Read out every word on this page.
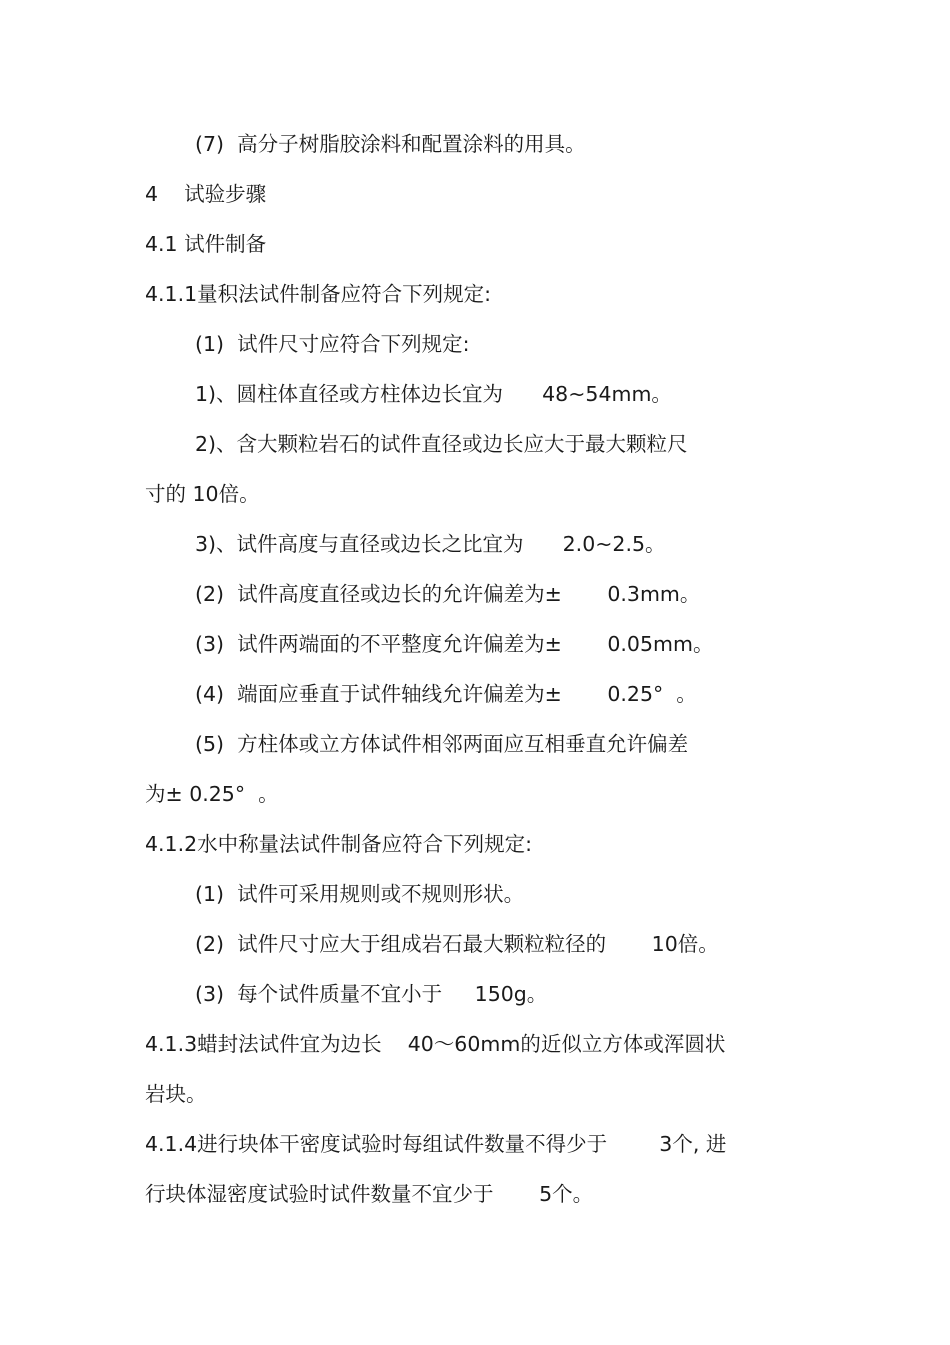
(7)  高分子树脂胶涂料和配置涂料的用具。
4    试验步骤
4.1 试件制备
4.1.1量积法试件制备应符合下列规定:
(1)  试件尺寸应符合下列规定:
1)、圆柱体直径或方柱体边长宜为      48~54mm。
2)、含大颗粒岩石的试件直径或边长应大于最大颗粒尺
寸的 10倍。
3)、试件高度与直径或边长之比宜为      2.0~2.5。
(2)  试件高度直径或边长的允许偏差为±       0.3mm。
(3)  试件两端面的不平整度允许偏差为±       0.05mm。
(4)  端面应垂直于试件轴线允许偏差为±       0.25°  。
(5)  方柱体或立方体试件相邻两面应互相垂直允许偏差
为± 0.25°  。
4.1.2水中称量法试件制备应符合下列规定:
(1)  试件可采用规则或不规则形状。
(2)  试件尺寸应大于组成岩石最大颗粒粒径的       10倍。
(3)  每个试件质量不宜小于     150g。
4.1.3蜡封法试件宜为边长    40～60mm的近似立方体或浑圆状
岩块。
4.1.4进行块体干密度试验时每组试件数量不得少于        3个, 进
行块体湿密度试验时试件数量不宜少于       5个。
